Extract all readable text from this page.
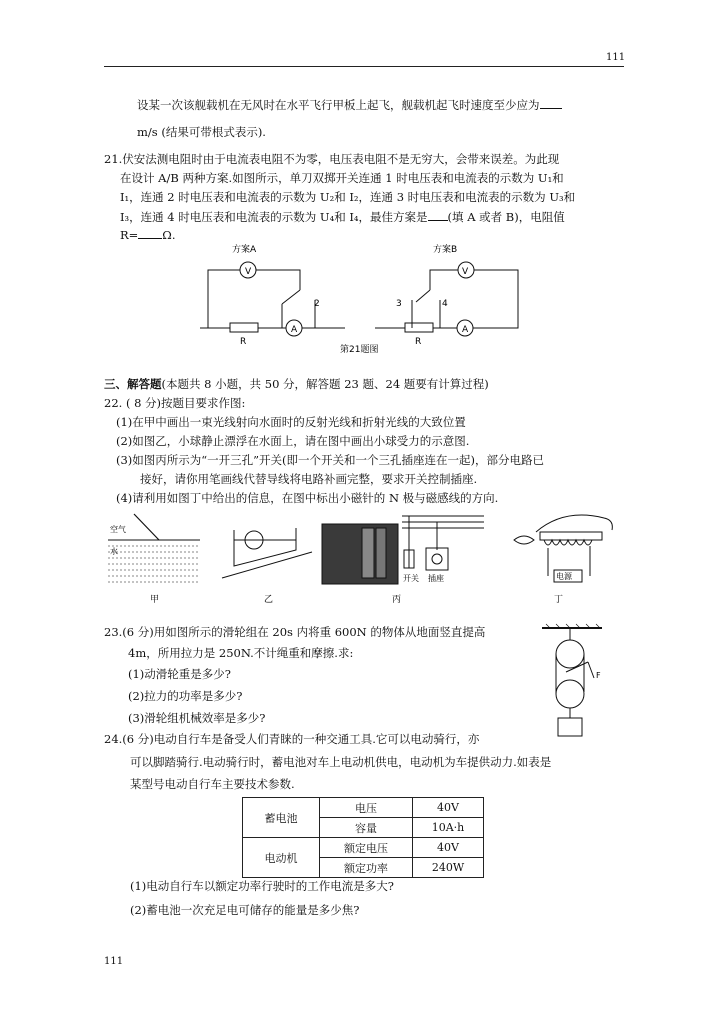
111
设某一次该舰载机在无风时在水平飞行甲板上起飞，舰载机起飞时速度至少应为
m/s (结果可带根式表示).
21.伏安法测电阻时由于电流表电阻不为零，电压表电阻不是无穷大，会带来误差。为此现
在设计 A/B 两种方案.如图所示，单刀双掷开关连通 1 时电压表和电流表的示数为 U₁和
I₁，连通 2 时电压表和电流表的示数为 U₂和 I₂，连通 3 时电压表和电流表的示数为 U₃和
I₃，连通 4 时电压表和电流表的示数为 U₄和 I₄，最佳方案是 (填 A 或者 B)，电阻值
R= Ω.
方案A	方案B
V	V
A	A
R	R
2	3	4
第21题图
三、解答题(本题共 8 小题，共 50 分，解答题 23 题、24 题要有计算过程)
22. ( 8 分)按题目要求作图:
(1)在甲中画出一束光线射向水面时的反射光线和折射光线的大致位置
(2)如图乙，小球静止漂浮在水面上，请在图中画出小球受力的示意图.
(3)如图丙所示为“一开三孔”开关(即一个开关和一个三孔插座连在一起)，部分电路已
接好，请你用笔画线代替导线将电路补画完整，要求开关控制插座.
(4)请利用如图丁中给出的信息，在图中标出小磁针的 N 极与磁感线的方向.
空气
水
开关 插座	电源
甲	乙	丙	丁
23.(6 分)用如图所示的滑轮组在 20s 内将重 600N 的物体从地面竖直提高
4m，所用拉力是 250N.不计绳重和摩擦.求:
(1)动滑轮重是多少?
(2)拉力的功率是多少?
(3)滑轮组机械效率是多少?
F
24.(6 分)电动自行车是备受人们青睐的一种交通工具.它可以电动骑行，亦
可以脚踏骑行.电动骑行时，蓄电池对车上电动机供电，电动机为车提供动力.如表是
某型号电动自行车主要技术参数.
蓄电池	电压	40V
	容量	10A·h
电动机	额定电压	40V
	额定功率	240W
(1)电动自行车以额定功率行驶时的工作电流是多大?
(2)蓄电池一次充足电可储存的能量是多少焦?
111
